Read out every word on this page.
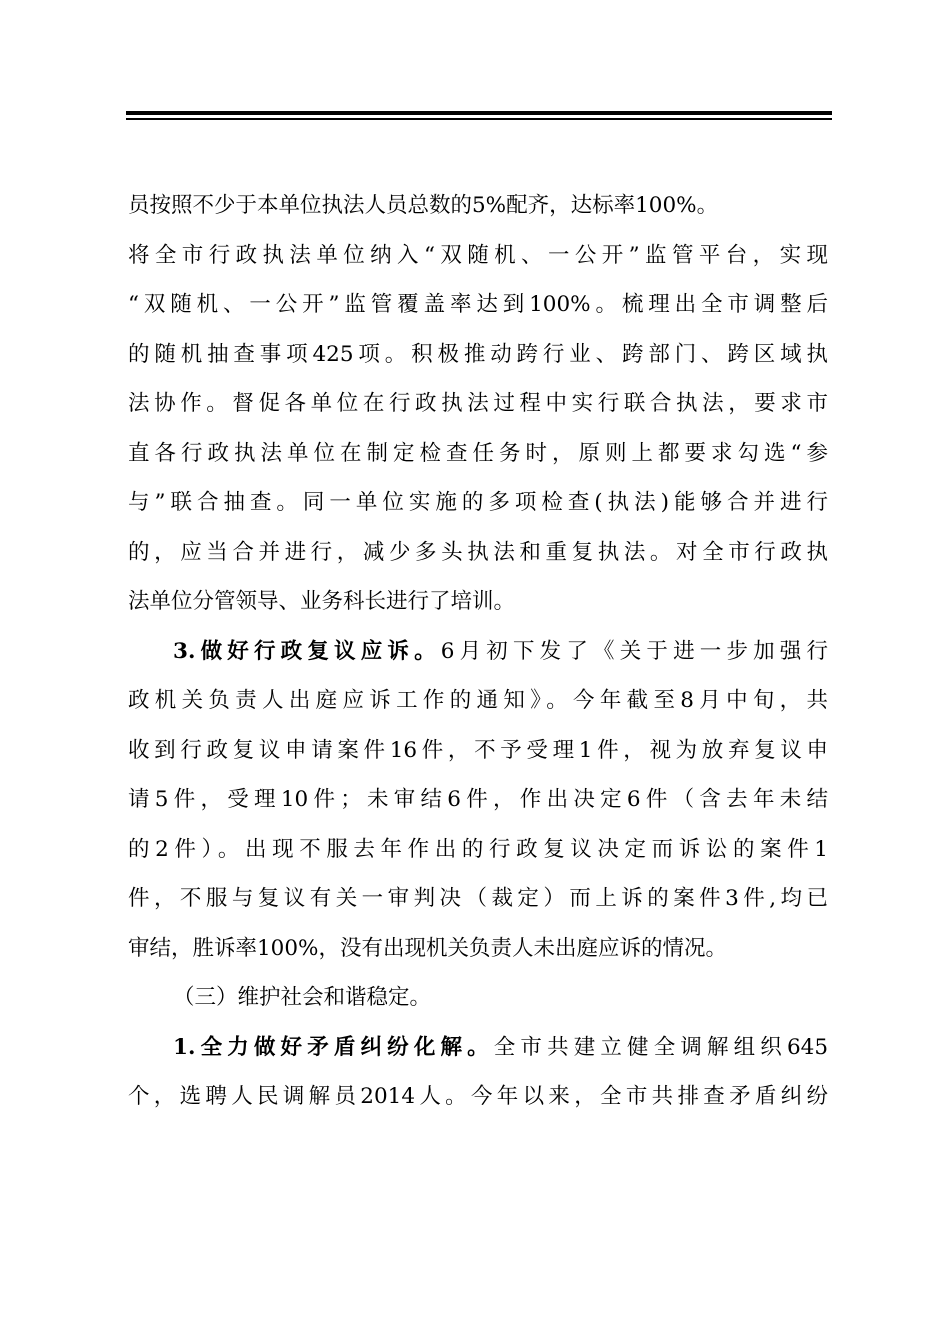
员按照不少于本单位执法人员总数的5%配齐，达标率100%。
将全市行政执法单位纳入“双随机、一公开”监管平台，实现
“双随机、一公开”监管覆盖率达到100%。梳理出全市调整后
的随机抽查事项425项。积极推动跨行业、跨部门、跨区域执
法协作。督促各单位在行政执法过程中实行联合执法，要求市
直各行政执法单位在制定检查任务时，原则上都要求勾选“参
与”联合抽查。同一单位实施的多项检查(执法)能够合并进行
的，应当合并进行，减少多头执法和重复执法。对全市行政执
法单位分管领导、业务科长进行了培训。
3.做好行政复议应诉。6月初下发了《关于进一步加强行
政机关负责人出庭应诉工作的通知》。今年截至8月中旬，共
收到行政复议申请案件16件，不予受理1件，视为放弃复议申
请5件，受理10件；未审结6件，作出决定6件（含去年未结
的2件）。出现不服去年作出的行政复议决定而诉讼的案件1
件，不服与复议有关一审判决（裁定）而上诉的案件3件,均已
审结，胜诉率100%，没有出现机关负责人未出庭应诉的情况。
（三）维护社会和谐稳定。
1.全力做好矛盾纠纷化解。全市共建立健全调解组织645
个，选聘人民调解员2014人。今年以来，全市共排查矛盾纠纷
